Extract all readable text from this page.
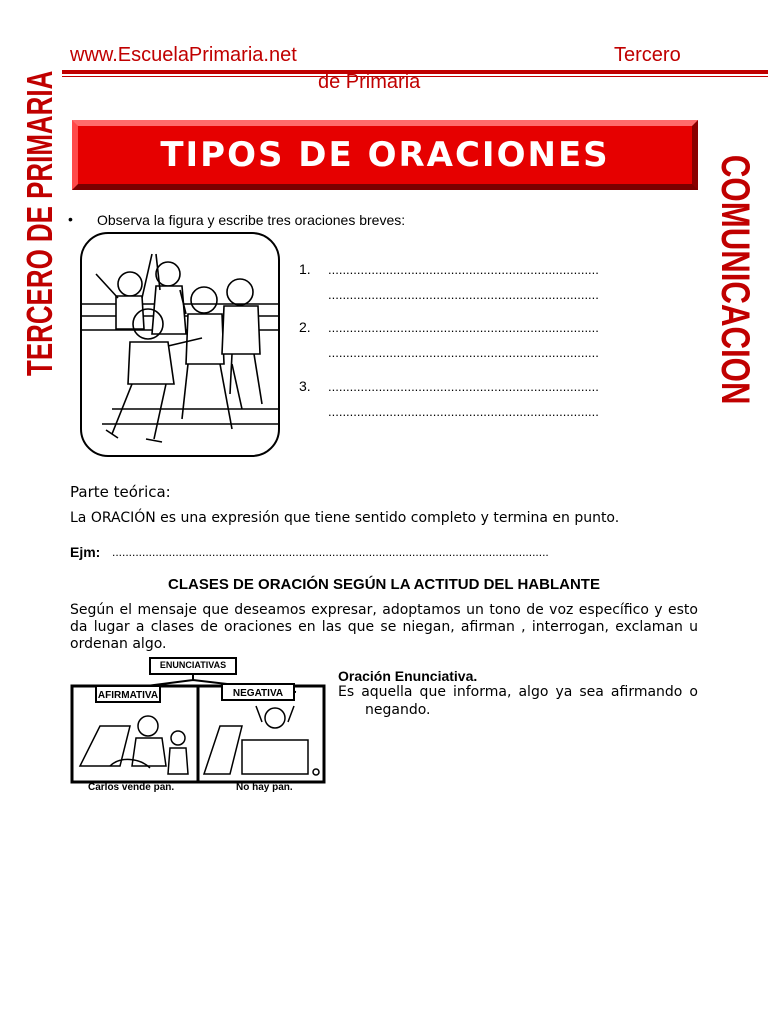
www.EscuelaPrimaria.net	Tercero
de Primaria
TIPOS DE ORACIONES
TERCERO DE PRIMARIA	COMUNICACION
• Observa la figura y escribe tres oraciones breves:
1. ...........................................................................
...........................................................................
2. ...........................................................................
...........................................................................
3. ...........................................................................
...........................................................................
Parte teórica:
La ORACIÓN es una expresión que tiene sentido completo y termina en punto.
Ejm: ...................................................................................................................................
CLASES DE ORACIÓN SEGÚN LA ACTITUD DEL HABLANTE
Según el mensaje que deseamos expresar, adoptamos un tono de voz específico y esto da lugar a clases de oraciones en las que se niegan, afirman , interrogan, exclaman u ordenan algo.
ENUNCIATIVAS
AFIRMATIVA	NEGATIVA
Carlos vende pan.	No hay pan.
Oración Enunciativa.
Es aquella que informa, algo ya sea afirmando o
negando.
